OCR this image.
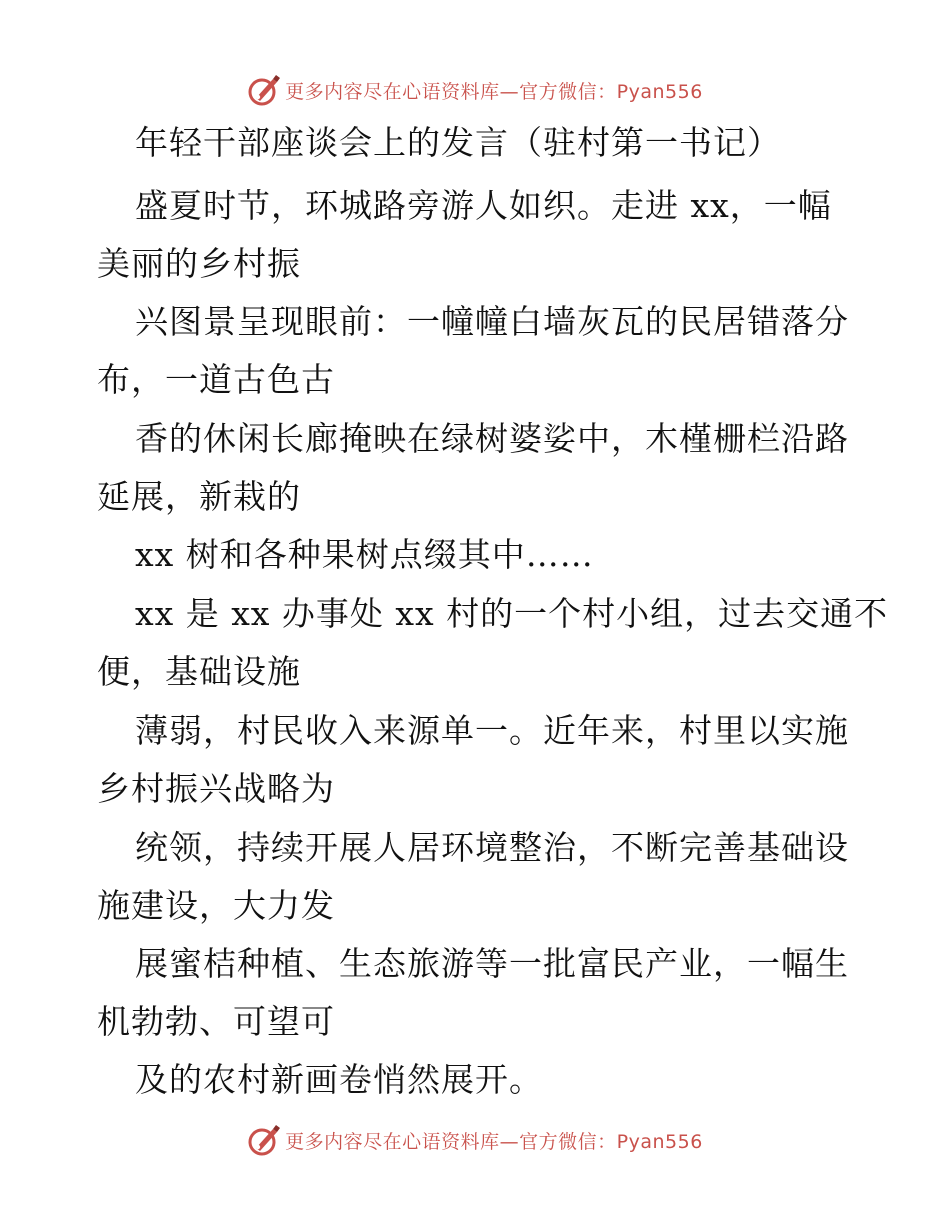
更多内容尽在心语资料库—官方微信：Pyan556

年轻干部座谈会上的发言（驻村第一书记）

盛夏时节，环城路旁游人如织。走进 xx，一幅

美丽的乡村振

兴图景呈现眼前：一幢幢白墙灰瓦的民居错落分

布，一道古色古

香的休闲长廊掩映在绿树婆娑中，木槿栅栏沿路

延展，新栽的

xx 树和各种果树点缀其中……

xx 是 xx 办事处 xx 村的一个村小组，过去交通不

便，基础设施

薄弱，村民收入来源单一。近年来，村里以实施

乡村振兴战略为

统领，持续开展人居环境整治，不断完善基础设

施建设，大力发

展蜜桔种植、生态旅游等一批富民产业，一幅生

机勃勃、可望可

及的农村新画卷悄然展开。

更多内容尽在心语资料库—官方微信：Pyan556
